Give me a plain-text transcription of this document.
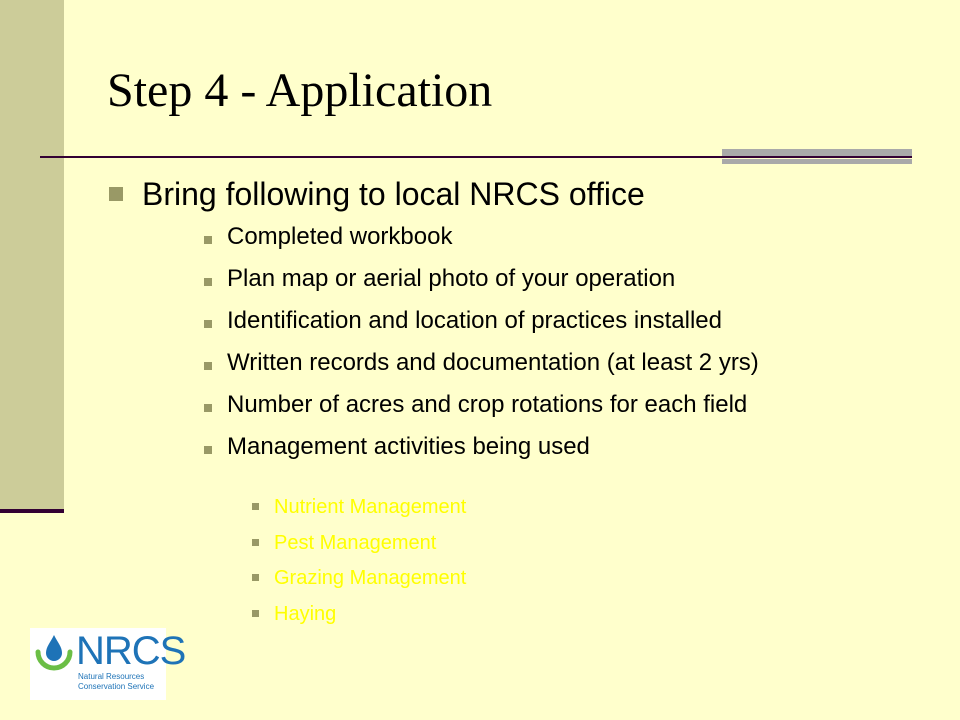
Step 4 - Application
Bring following to local NRCS office
Completed workbook
Plan map or aerial photo of your operation
Identification and location of practices installed
Written records and documentation (at least 2 yrs)
Number of acres and crop rotations for each field
Management activities being used
Nutrient Management
Pest Management
Grazing Management
Haying
NRCS
Natural Resources
Conservation Service
